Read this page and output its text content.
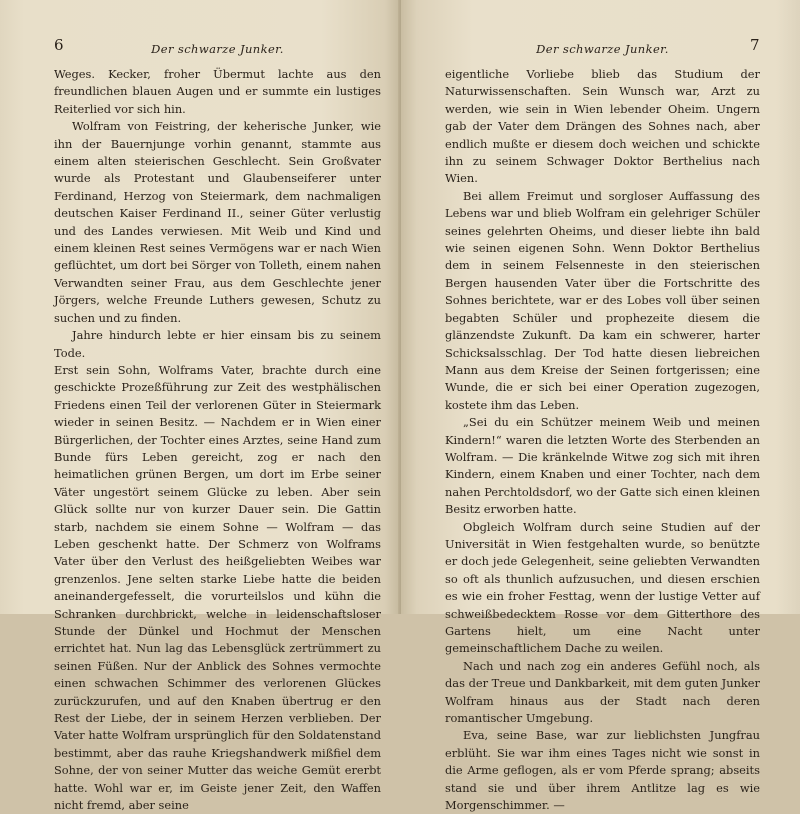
6	Der schwarze Junker.

Weges. Kecker, froher Übermut lachte aus den freundlichen blauen Augen und er summte ein lustiges Reiterlied vor sich hin.

Wolfram von Feistring, der keherische Junker, wie ihn der Bauernjunge vorhin genannt, stammte aus einem alten steierischen Geschlecht. Sein Großvater wurde als Protestant und Glaubenseiferer unter Ferdinand, Herzog von Steiermark, dem nachmaligen deutschen Kaiser Ferdinand II., seiner Güter verlustig und des Landes verwiesen. Mit Weib und Kind und einem kleinen Rest seines Vermögens war er nach Wien geflüchtet, um dort bei Sörger von Tolleth, einem nahen Verwandten seiner Frau, aus dem Geschlechte jener Jörgers, welche Freunde Luthers gewesen, Schutz zu suchen und zu finden.

Jahre hindurch lebte er hier einsam bis zu seinem Tode.

Erst sein Sohn, Wolframs Vater, brachte durch eine geschickte Prozeßführung zur Zeit des westphälischen Friedens einen Teil der verlorenen Güter in Steiermark wieder in seinen Besitz. — Nachdem er in Wien einer Bürgerlichen, der Tochter eines Arztes, seine Hand zum Bunde fürs Leben gereicht, zog er nach den heimatlichen grünen Bergen, um dort im Erbe seiner Väter ungestört seinem Glücke zu leben. Aber sein Glück sollte nur von kurzer Dauer sein. Die Gattin starb, nachdem sie einem Sohne — Wolfram — das Leben geschenkt hatte. Der Schmerz von Wolframs Vater über den Verlust des heißgeliebten Weibes war grenzenlos. Jene selten starke Liebe hatte die beiden aneinandergefesselt, die vorurteilslos und kühn die Schranken durchbrickt, welche in leidenschaftsloser Stunde der Dünkel und Hochmut der Menschen errichtet hat. Nun lag das Lebensglück zertrümmert zu seinen Füßen. Nur der Anblick des Sohnes vermochte einen schwachen Schimmer des verlorenen Glückes zurückzurufen, und auf den Knaben übertrug er den Rest der Liebe, der in seinem Herzen verblieben. Der Vater hatte Wolfram ursprünglich für den Soldatenstand bestimmt, aber das rauhe Kriegshandwerk mißfiel dem Sohne, der von seiner Mutter das weiche Gemüt ererbt hatte. Wohl war er, im Geiste jener Zeit, den Waffen nicht fremd, aber seine

Der schwarze Junker.	7

eigentliche Vorliebe blieb das Studium der Naturwissenschaften. Sein Wunsch war, Arzt zu werden, wie sein in Wien lebender Oheim. Ungern gab der Vater dem Drängen des Sohnes nach, aber endlich mußte er diesem doch weichen und schickte ihn zu seinem Schwager Doktor Berthelius nach Wien.

Bei allem Freimut und sorgloser Auffassung des Lebens war und blieb Wolfram ein gelehriger Schüler seines gelehrten Oheims, und dieser liebte ihn bald wie seinen eigenen Sohn. Wenn Doktor Berthelius dem in seinem Felsenneste in den steierischen Bergen hausenden Vater über die Fortschritte des Sohnes berichtete, war er des Lobes voll über seinen begabten Schüler und prophezeite diesem die glänzendste Zukunft. Da kam ein schwerer, harter Schicksalsschlag. Der Tod hatte diesen liebreichen Mann aus dem Kreise der Seinen fortgerissen; eine Wunde, die er sich bei einer Operation zugezogen, kostete ihm das Leben.

„Sei du ein Schützer meinem Weib und meinen Kindern!“ waren die letzten Worte des Sterbenden an Wolfram. — Die kränkelnde Witwe zog sich mit ihren Kindern, einem Knaben und einer Tochter, nach dem nahen Perchtoldsdorf, wo der Gatte sich einen kleinen Besitz erworben hatte.

Obgleich Wolfram durch seine Studien auf der Universität in Wien festgehalten wurde, so benützte er doch jede Gelegenheit, seine geliebten Verwandten so oft als thunlich aufzusuchen, und diesen erschien es wie ein froher Festtag, wenn der lustige Vetter auf schweißbedecktem Rosse vor dem Gitterthore des Gartens hielt, um eine Nacht unter gemeinschaftlichem Dache zu weilen.

Nach und nach zog ein anderes Gefühl noch, als das der Treue und Dankbarkeit, mit dem guten Junker Wolfram hinaus aus der Stadt nach deren romantischer Umgebung.

Eva, seine Base, war zur lieblichsten Jungfrau erblüht. Sie war ihm eines Tages nicht wie sonst in die Arme geflogen, als er vom Pferde sprang; abseits stand sie und über ihrem Antlitze lag es wie Morgenschimmer. —
